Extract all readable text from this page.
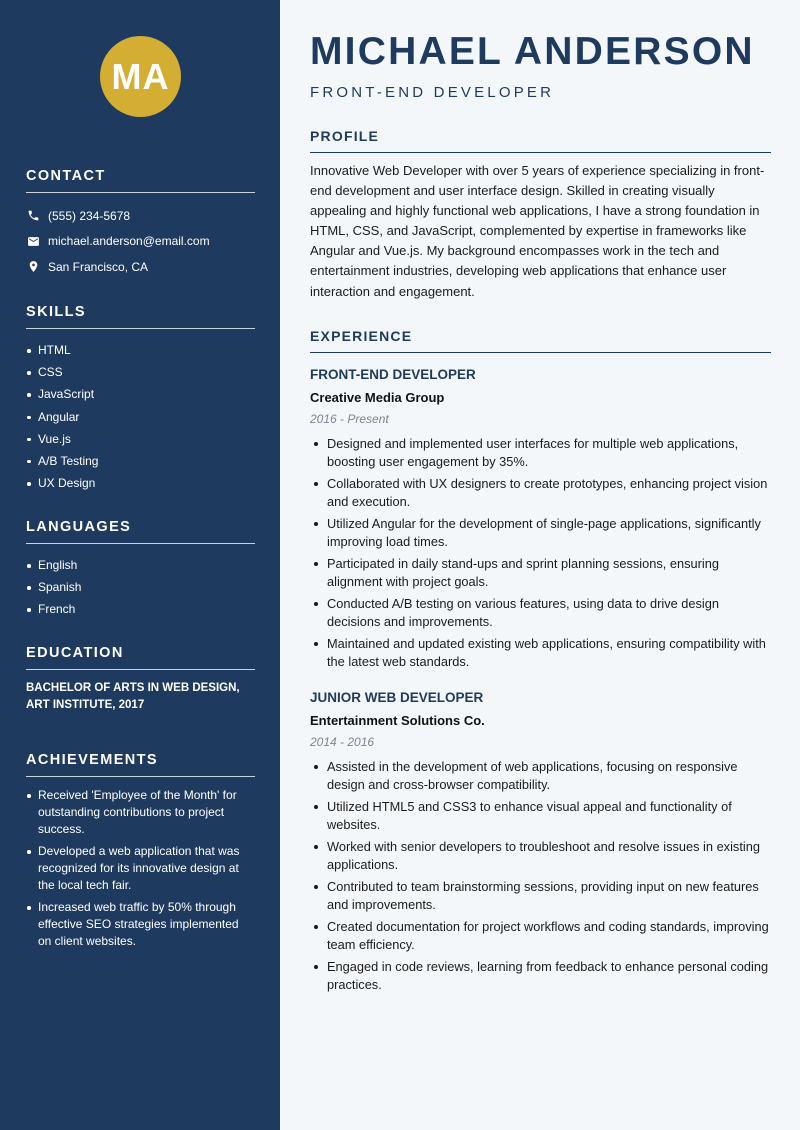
MA
CONTACT
(555) 234-5678
michael.anderson@email.com
San Francisco, CA
SKILLS
HTML
CSS
JavaScript
Angular
Vue.js
A/B Testing
UX Design
LANGUAGES
English
Spanish
French
EDUCATION
BACHELOR OF ARTS IN WEB DESIGN,
ART INSTITUTE, 2017
ACHIEVEMENTS
Received 'Employee of the Month' for outstanding contributions to project success.
Developed a web application that was recognized for its innovative design at the local tech fair.
Increased web traffic by 50% through effective SEO strategies implemented on client websites.
MICHAEL ANDERSON
FRONT-END DEVELOPER
PROFILE

Innovative Web Developer with over 5 years of experience specializing in front-end development and user interface design. Skilled in creating visually appealing and highly functional web applications, I have a strong foundation in HTML, CSS, and JavaScript, complemented by expertise in frameworks like Angular and Vue.js. My background encompasses work in the tech and entertainment industries, developing web applications that enhance user interaction and engagement.

EXPERIENCE
FRONT-END DEVELOPER
Creative Media Group
2016 - Present
Designed and implemented user interfaces for multiple web applications, boosting user engagement by 35%.
Collaborated with UX designers to create prototypes, enhancing project vision and execution.
Utilized Angular for the development of single-page applications, significantly improving load times.
Participated in daily stand-ups and sprint planning sessions, ensuring alignment with project goals.
Conducted A/B testing on various features, using data to drive design decisions and improvements.
Maintained and updated existing web applications, ensuring compatibility with the latest web standards.
JUNIOR WEB DEVELOPER
Entertainment Solutions Co.
2014 - 2016
Assisted in the development of web applications, focusing on responsive design and cross-browser compatibility.
Utilized HTML5 and CSS3 to enhance visual appeal and functionality of websites.
Worked with senior developers to troubleshoot and resolve issues in existing applications.
Contributed to team brainstorming sessions, providing input on new features and improvements.
Created documentation for project workflows and coding standards, improving team efficiency.
Engaged in code reviews, learning from feedback to enhance personal coding practices.
